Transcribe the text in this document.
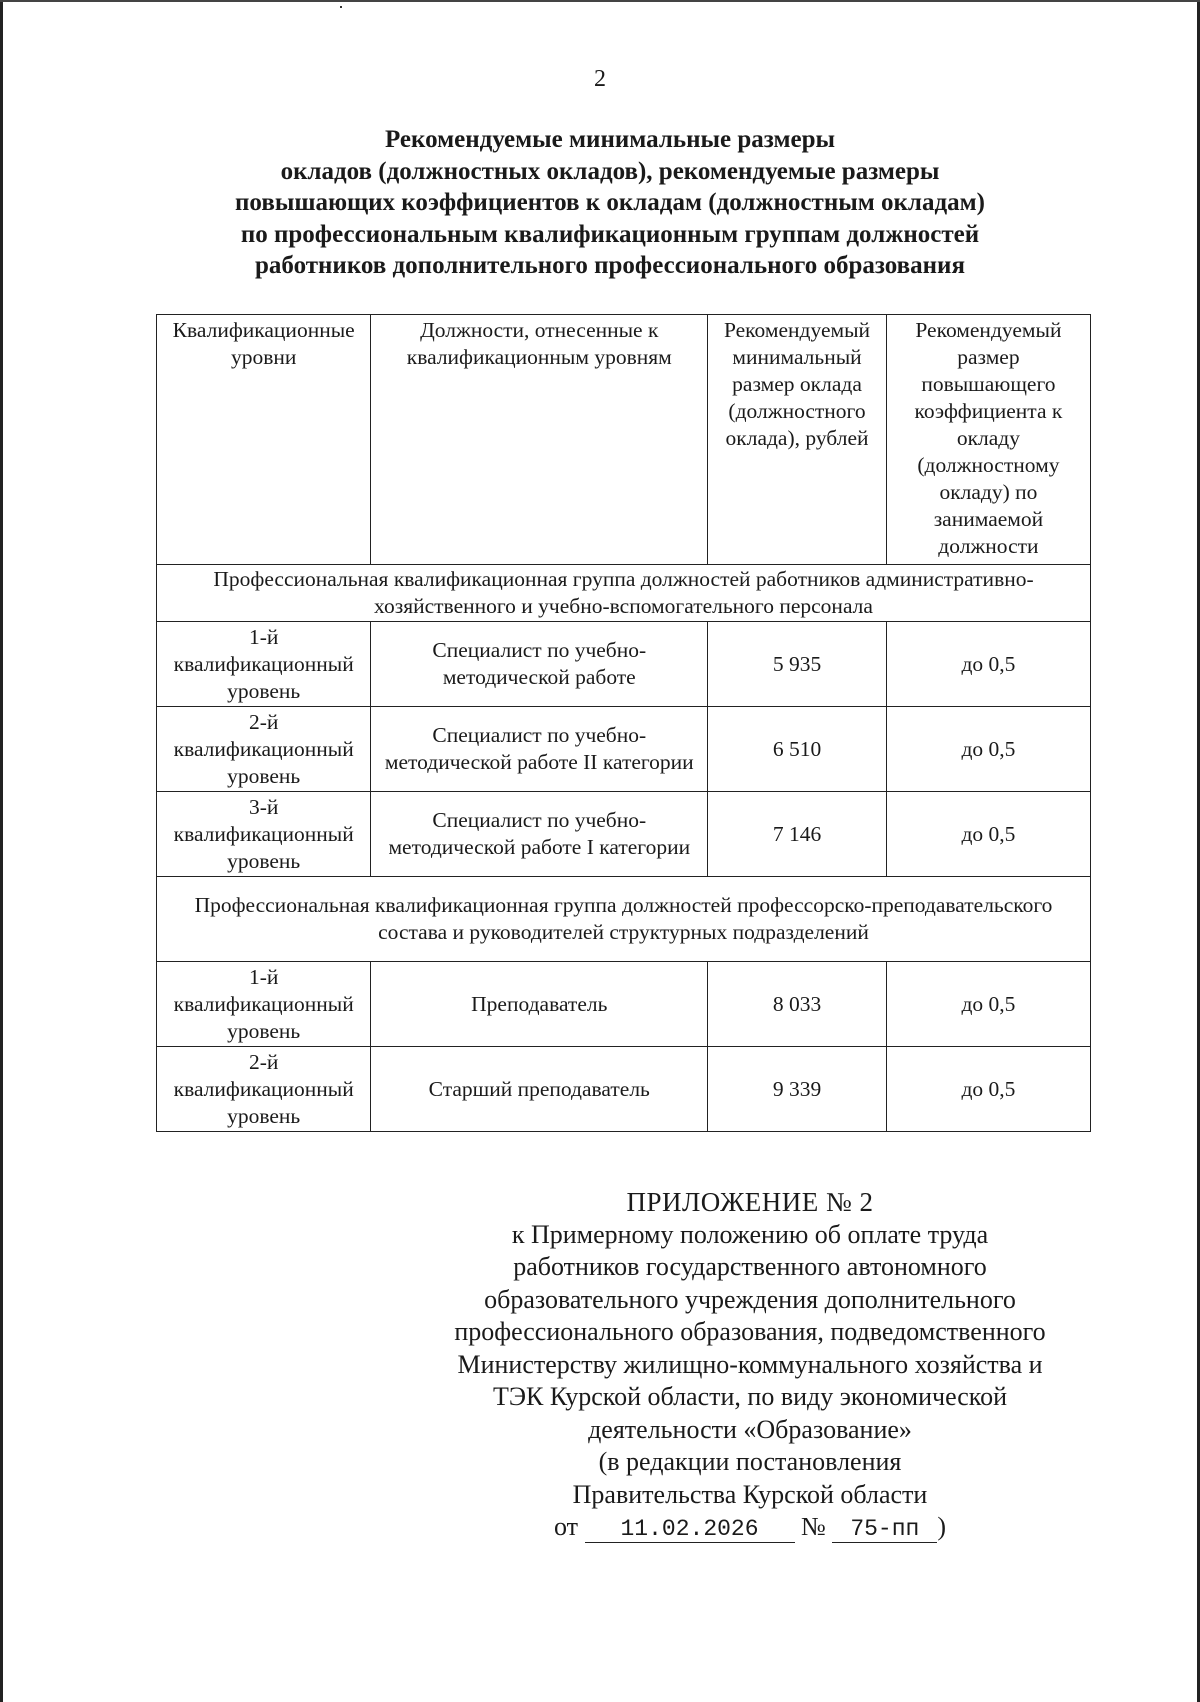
2
Рекомендуемые минимальные размеры
окладов (должностных окладов), рекомендуемые размеры
повышающих коэффициентов к окладам (должностным окладам)
по профессиональным квалификационным группам должностей
работников дополнительного профессионального образования
Квалификационные уровни	Должности, отнесенные к квалификационным уровням	Рекомендуемый минимальный размер оклада (должностного оклада), рублей	Рекомендуемый размер повышающего коэффициента к окладу (должностному окладу) по занимаемой должности
Профессиональная квалификационная группа должностей работников административно-хозяйственного и учебно-вспомогательного персонала			

1-й
квалификационный
уровень	Специалист по учебно-методической работе	5 935	до 0,5

2-й
квалификационный
уровень	Специалист по учебно-методической работе II категории	6 510	до 0,5

3-й
квалификационный
уровень	Специалист по учебно-методической работе I категории	7 146	до 0,5
Профессиональная квалификационная группа должностей профессорско-преподавательского состава и руководителей структурных подразделений			

1-й
квалификационный
уровень	Преподаватель	8 033	до 0,5

2-й
квалификационный
уровень	Старший преподаватель	9 339	до 0,5
ПРИЛОЖЕНИЕ № 2
к Примерному положению об оплате труда
работников государственного автономного
образовательного учреждения дополнительного
профессионального образования, подведомственного
Министерству жилищно-коммунального хозяйства и
ТЭК Курской области, по виду экономической
деятельности «Образование»
(в редакции постановления
Правительства Курской области
от 11.02.2026 № 75-пп )
